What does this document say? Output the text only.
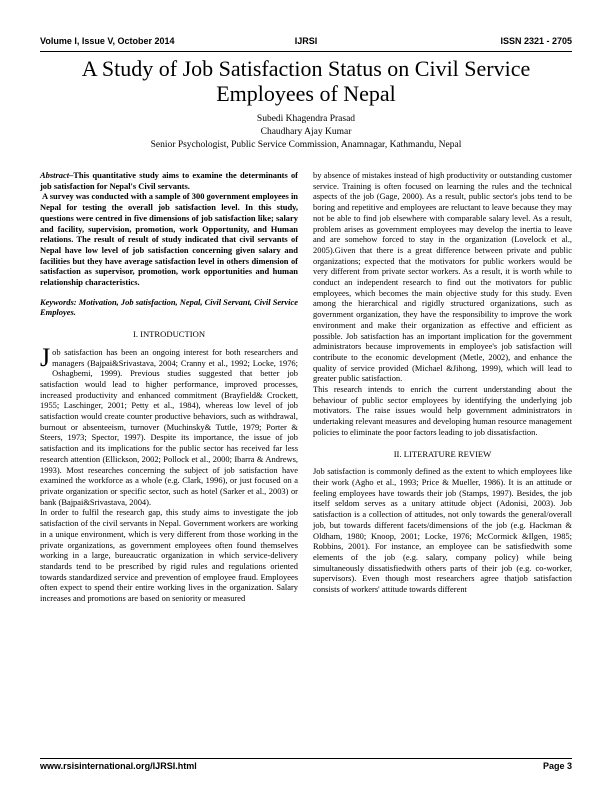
Volume I, Issue V, October 2014	IJRSI	ISSN 2321 - 2705
A Study of Job Satisfaction Status on Civil Service
Employees of Nepal
Subedi Khagendra Prasad
Chaudhary Ajay Kumar
Senior Psychologist, Public Service Commission, Anamnagar, Kathmandu, Nepal

Abstract–This quantitative study aims to examine the determinants of job satisfaction for Nepal's Civil servants.

A survey was conducted with a sample of 300 government employees in Nepal for testing the overall job satisfaction level. In this study, questions were centred in five dimensions of job satisfaction like; salary and facility, supervision, promotion, work Opportunity, and Human relations. The result of result of study indicated that civil servants of Nepal have low level of job satisfaction concerning given salary and facilities but they have average satisfaction level in others dimension of satisfaction as supervisor, promotion, work opportunities and human relationship characteristics.

Keywords: Motivation, Job satisfaction, Nepal, Civil Servant, Civil Service Employes.

I. INTRODUCTION

Job satisfaction has been an ongoing interest for both researchers and managers (Bajpai&Srivastava, 2004; Cranny et al., 1992; Locke, 1976; Oshagbemi, 1999). Previous studies suggested that better job satisfaction would lead to higher performance, improved processes, increased productivity and enhanced commitment (Brayfield& Crockett, 1955; Laschinger, 2001; Petty et al., 1984), whereas low level of job satisfaction would create counter productive behaviors, such as withdrawal, burnout or absenteeism, turnover (Muchinsky& Tuttle, 1979; Porter & Steers, 1973; Spector, 1997). Despite its importance, the issue of job satisfaction and its implications for the public sector has received far less research attention (Ellickson, 2002; Pollock et al., 2000; Ibarra & Andrews, 1993). Most researches concerning the subject of job satisfaction have examined the workforce as a whole (e.g. Clark, 1996), or just focused on a private organization or specific sector, such as hotel (Sarker et al., 2003) or bank (Bajpai&Srivastava, 2004).

In order to fulfil the research gap, this study aims to investigate the job satisfaction of the civil servants in Nepal. Government workers are working in a unique environment, which is very different from those working in the private organizations, as government employees often found themselves working in a large, bureaucratic organization in which service-delivery standards tend to be prescribed by rigid rules and regulations oriented towards standardized service and prevention of employee fraud. Employees often expect to spend their entire working lives in the organization. Salary increases and promotions are based on seniority or measured

by absence of mistakes instead of high productivity or outstanding customer service. Training is often focused on learning the rules and the technical aspects of the job (Gage, 2000). As a result, public sector's jobs tend to be boring and repetitive and employees are reluctant to leave because they may not be able to find job elsewhere with comparable salary level. As a result, problem arises as government employees may develop the inertia to leave and are somehow forced to stay in the organization (Lovelock et al., 2005).Given that there is a great difference between private and public organizations; expected that the motivators for public workers would be very different from private sector workers. As a result, it is worth while to conduct an independent research to find out the motivators for public employees, which becomes the main objective study for this study. Even among the hierarchical and rigidly structured organizations, such as government organization, they have the responsibility to improve the work environment and make their organization as effective and efficient as possible. Job satisfaction has an important implication for the government administrators because improvements in employee's job satisfaction will contribute to the economic development (Metle, 2002), and enhance the quality of service provided (Michael &Jihong, 1999), which will lead to greater public satisfaction.

This research intends to enrich the current understanding about the behaviour of public sector employees by identifying the underlying job motivators. The raise issues would help government administrators in undertaking relevant measures and developing human resource management policies to eliminate the poor factors leading to job dissatisfaction.

II. LITERATURE REVIEW

Job satisfaction is commonly defined as the extent to which employees like their work (Agho et al., 1993; Price & Mueller, 1986). It is an attitude or feeling employees have towards their job (Stamps, 1997). Besides, the job itself seldom serves as a unitary attitude object (Adonisi, 2003). Job satisfaction is a collection of attitudes, not only towards the general/overall job, but towards different facets/dimensions of the job (e.g. Hackman & Oldham, 1980; Knoop, 2001; Locke, 1976; McCormick &Ilgen, 1985; Robbins, 2001). For instance, an employee can be satisfiedwith some elements of the job (e.g. salary, company policy) while being simultaneously dissatisfiedwith others parts of their job (e.g. co-worker, supervisors). Even though most researchers agree thatjob satisfaction consists of workers' attitude towards different

www.rsisinternational.org/IJRSI.html	Page 3
